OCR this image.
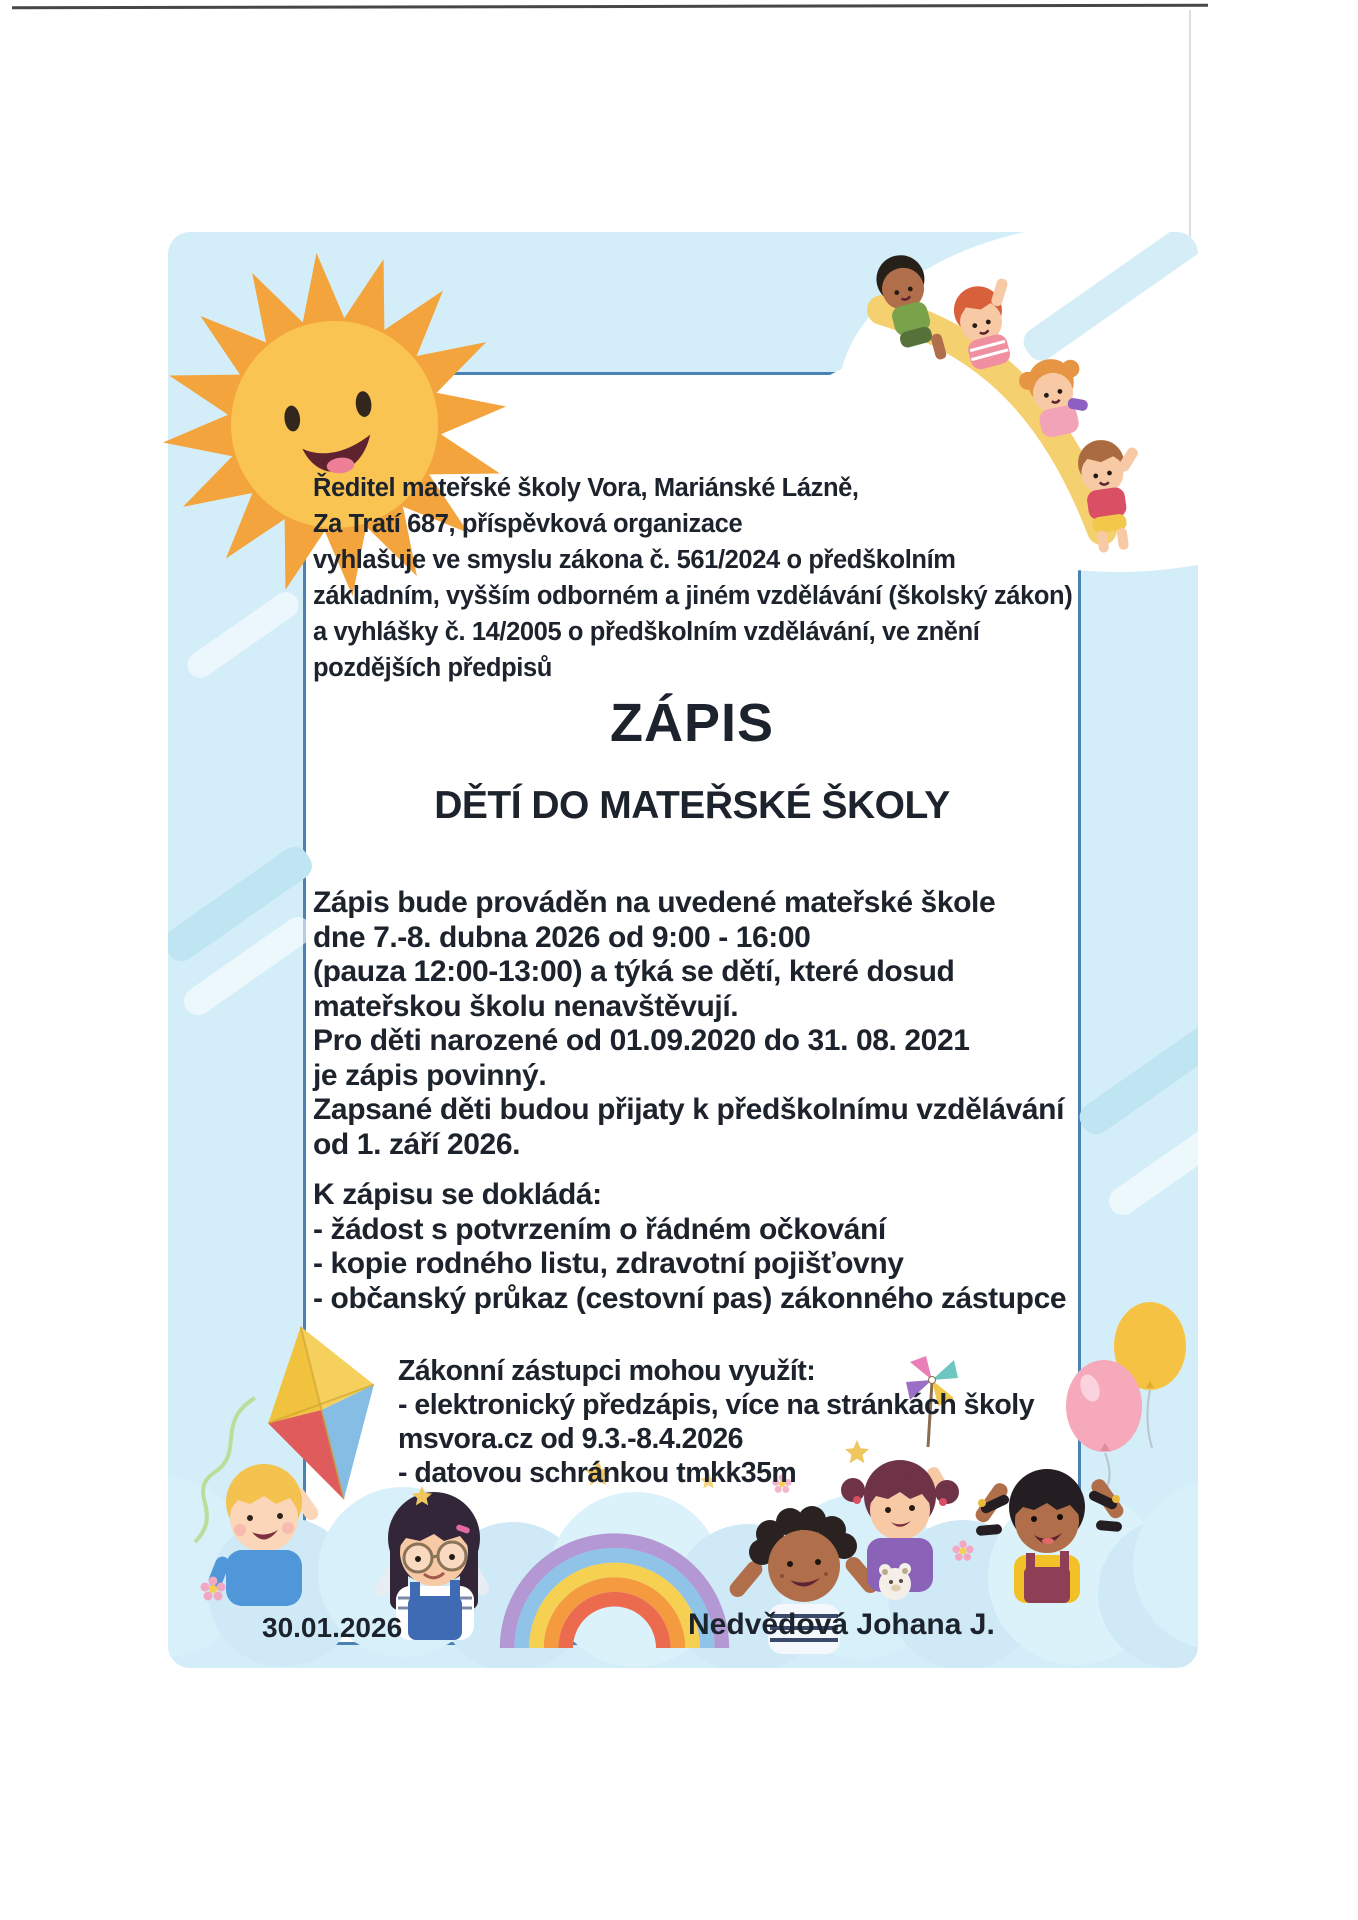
Ředitel mateřské školy Vora, Mariánské Lázně,
Za Tratí 687, příspěvková organizace
vyhlašuje ve smyslu zákona č. 561/2024 o předškolním
základním, vyšším odborném a jiném vzdělávání (školský zákon)
a vyhlášky č. 14/2005 o předškolním vzdělávání, ve znění
pozdějších předpisů
ZÁPIS
DĚTÍ DO MATEŘSKÉ ŠKOLY
Zápis bude prováděn na uvedené mateřské škole
dne 7.-8. dubna 2026 od 9:00 - 16:00
(pauza 12:00-13:00) a týká se dětí, které dosud
mateřskou školu nenavštěvují.
Pro děti narozené od 01.09.2020 do 31. 08. 2021
je zápis povinný.
Zapsané děti budou přijaty k předškolnímu vzdělávání
od 1. září 2026.
K zápisu se dokládá:
- žádost s potvrzením o řádném očkování
- kopie rodného listu, zdravotní pojišťovny
- občanský průkaz (cestovní pas) zákonného zástupce
Zákonní zástupci mohou využít:
- elektronický předzápis, více na stránkách školy
msvora.cz od 9.3.-8.4.2026
- datovou schránkou tmkk35m
30.01.2026	Nedvědová Johana J.
